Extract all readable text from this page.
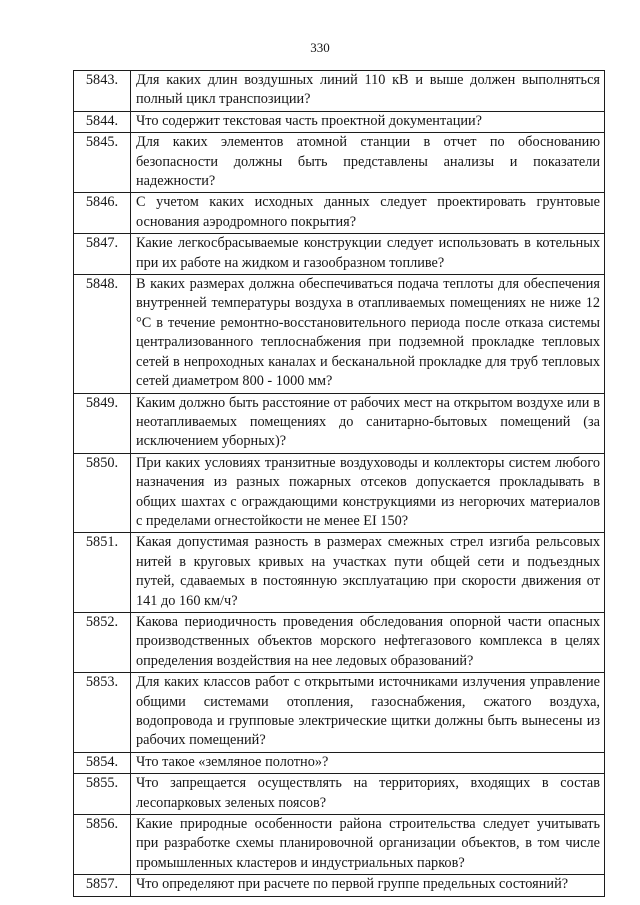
330
5843.	Для каких длин воздушных линий 110 кВ и выше должен выполняться полный цикл транспозиции?
5844.	Что содержит текстовая часть проектной документации?
5845.	Для каких элементов атомной станции в отчет по обоснованию безопасности должны быть представлены анализы и показатели надежности?
5846.	С учетом каких исходных данных следует проектировать грунтовые основания аэродромного покрытия?
5847.	Какие легкосбрасываемые конструкции следует использовать в котельных при их работе на жидком и газообразном топливе?
5848.	В каких размерах должна обеспечиваться подача теплоты для обеспечения внутренней температуры воздуха в отапливаемых помещениях не ниже 12 °С в течение ремонтно-восстановительного периода после отказа системы централизованного теплоснабжения при подземной прокладке тепловых сетей в непроходных каналах и бесканальной прокладке для труб тепловых сетей диаметром 800 - 1000 мм?
5849.	Каким должно быть расстояние от рабочих мест на открытом воздухе или в неотапливаемых помещениях до санитарно-бытовых помещений (за исключением уборных)?
5850.	При каких условиях транзитные воздуховоды и коллекторы систем любого назначения из разных пожарных отсеков допускается прокладывать в общих шахтах с ограждающими конструкциями из негорючих материалов с пределами огнестойкости не менее EI 150?
5851.	Какая допустимая разность в размерах смежных стрел изгиба рельсовых нитей в круговых кривых на участках пути общей сети и подъездных путей, сдаваемых в постоянную эксплуатацию при скорости движения от 141 до 160 км/ч?
5852.	Какова периодичность проведения обследования опорной части опасных производственных объектов морского нефтегазового комплекса в целях определения воздействия на нее ледовых образований?
5853.	Для каких классов работ с открытыми источниками излучения управление общими системами отопления, газоснабжения, сжатого воздуха, водопровода и групповые электрические щитки должны быть вынесены из рабочих помещений?
5854.	Что такое «земляное полотно»?
5855.	Что запрещается осуществлять на территориях, входящих в состав лесопарковых зеленых поясов?
5856.	Какие природные особенности района строительства следует учитывать при разработке схемы планировочной организации объектов, в том числе промышленных кластеров и индустриальных парков?
5857.	Что определяют при расчете по первой группе предельных состояний?
